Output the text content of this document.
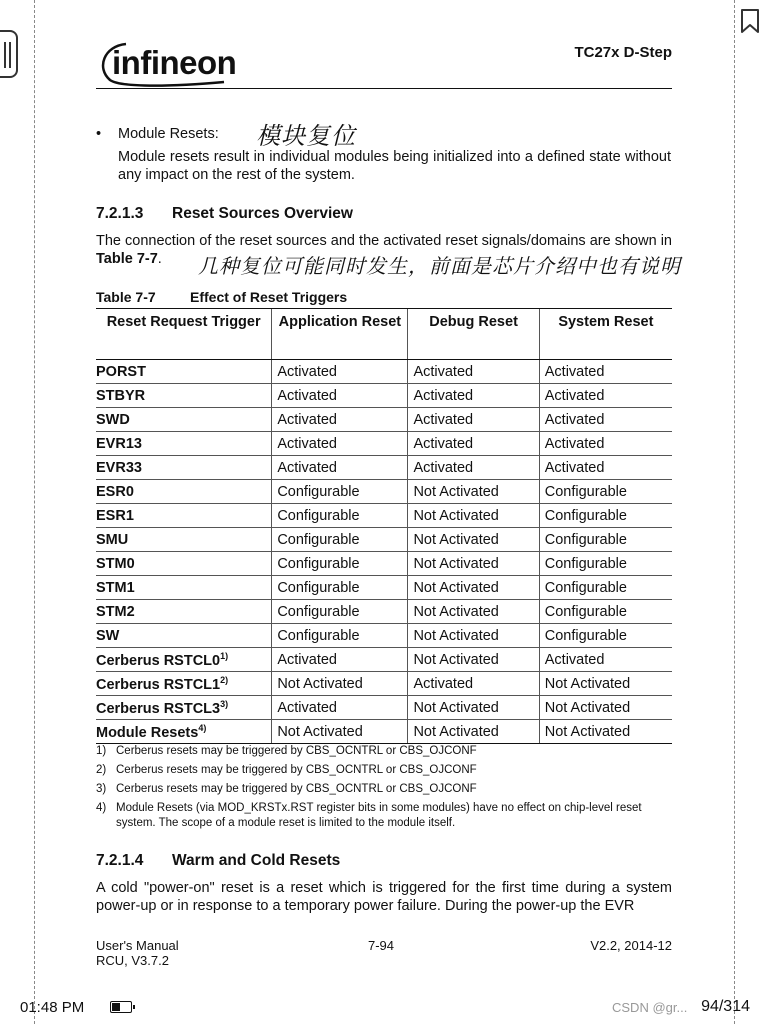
infineon	TC27x D-Step
• Module Resets: 模块复位
Module resets result in individual modules being initialized into a defined state without any impact on the rest of the system.
7.2.1.3 Reset Sources Overview
The connection of the reset sources and the activated reset signals/domains are shown in Table 7-7.	几种复位可能同时发生，前面是芯片介绍中也有说明
Table 7-7 Effect of Reset Triggers
Reset Request Trigger	Application Reset	Debug Reset	System Reset
PORST	Activated	Activated	Activated
STBYR	Activated	Activated	Activated
SWD	Activated	Activated	Activated
EVR13	Activated	Activated	Activated
EVR33	Activated	Activated	Activated
ESR0	Configurable	Not Activated	Configurable
ESR1	Configurable	Not Activated	Configurable
SMU	Configurable	Not Activated	Configurable
STM0	Configurable	Not Activated	Configurable
STM1	Configurable	Not Activated	Configurable
STM2	Configurable	Not Activated	Configurable
SW	Configurable	Not Activated	Configurable
Cerberus RSTCL0$^{1)}$	Activated	Not Activated	Activated
Cerberus RSTCL1$^{2)}$	Not Activated	Activated	Not Activated
Cerberus RSTCL3$^{3)}$	Activated	Not Activated	Not Activated
Module Resets$^{4)}$	Not Activated	Not Activated	Not Activated
1) Cerberus resets may be triggered by CBS_OCNTRL or CBS_OJCONF
2) Cerberus resets may be triggered by CBS_OCNTRL or CBS_OJCONF
3) Cerberus resets may be triggered by CBS_OCNTRL or CBS_OJCONF
4) Module Resets (via MOD_KRSTx.RST register bits in some modules) have no effect on chip-level reset system. The scope of a module reset is limited to the module itself.
7.2.1.4 Warm and Cold Resets
A cold "power-on" reset is a reset which is triggered for the first time during a system power-up or in response to a temporary power failure. During the power-up the EVR
User's Manual
RCU, V3.7.2
7-94	V2.2, 2014-12
01:48 PM	CSDN @gr... 94/314
